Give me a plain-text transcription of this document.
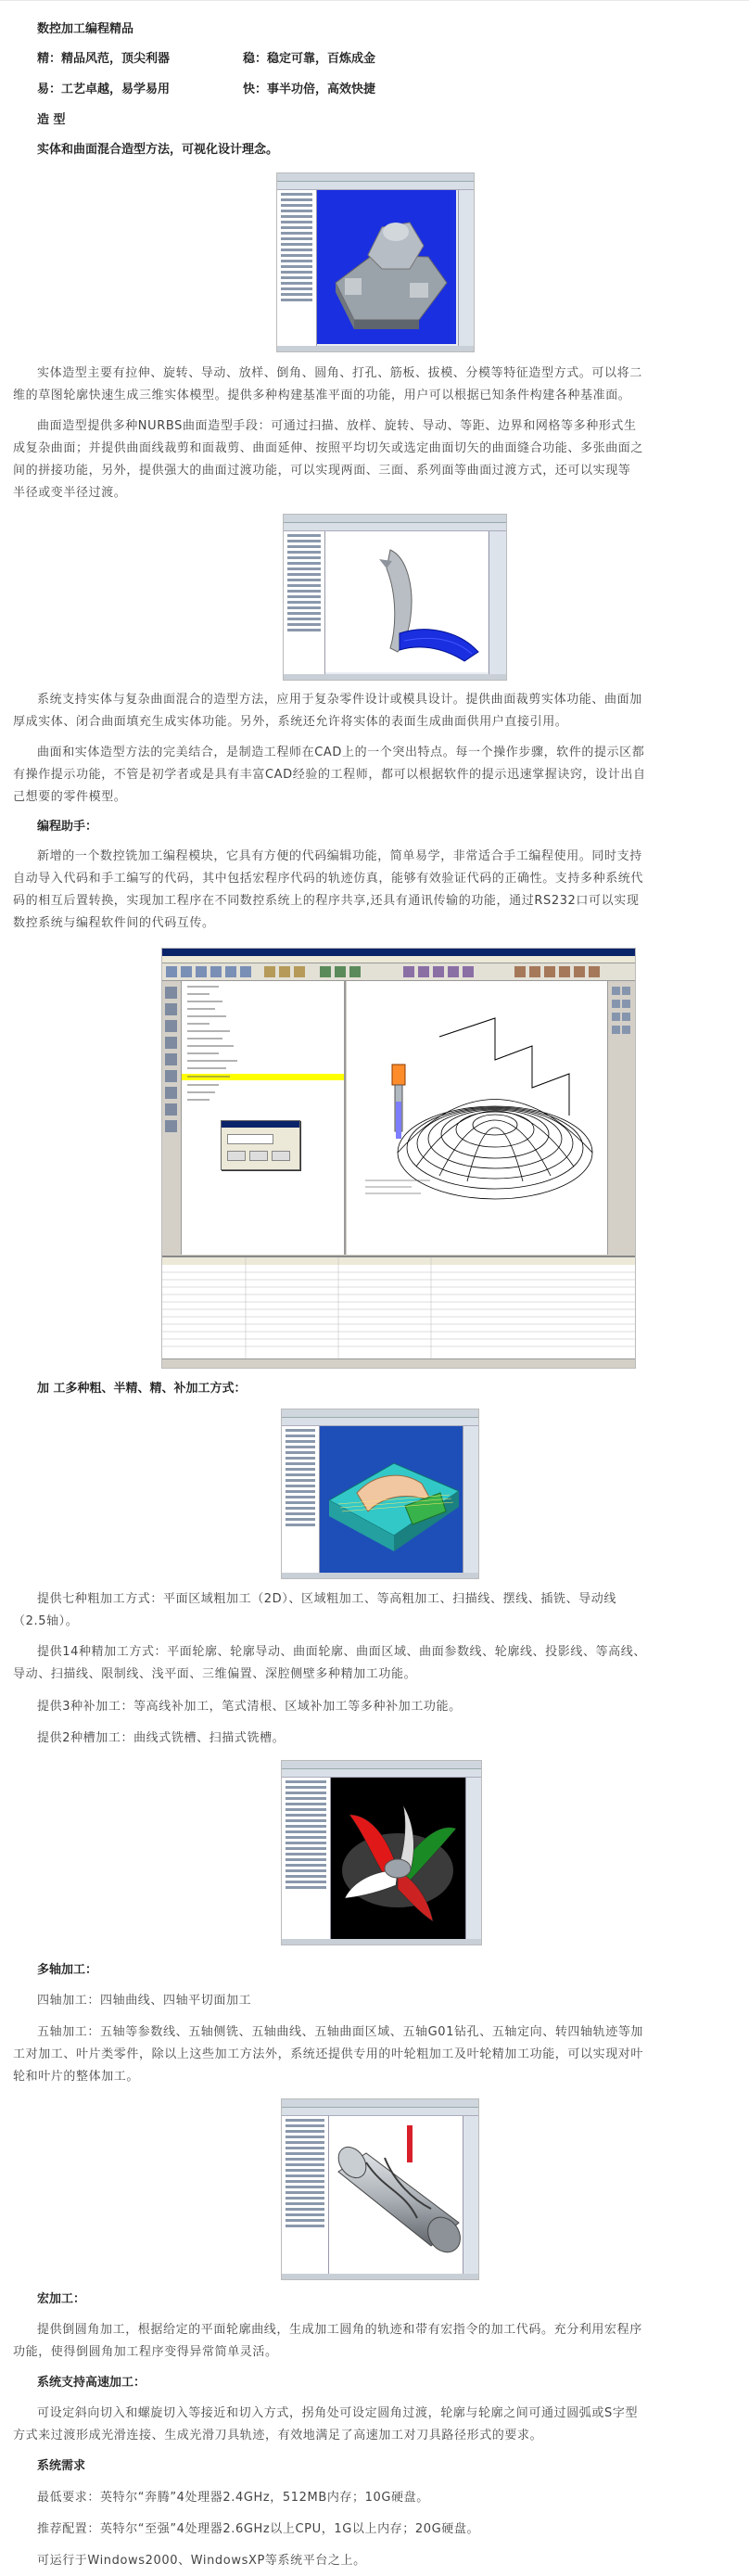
数控加工编程精品
精：精品风范，顶尖利器	稳：稳定可靠，百炼成金
易：工艺卓越，易学易用	快：事半功倍，高效快捷
造 型
实体和曲面混合造型方法，可视化设计理念。
实体造型主要有拉伸、旋转、导动、放样、倒角、圆角、打孔、筋板、拔模、分模等特征造型方式。可以将二
维的草图轮廓快速生成三维实体模型。提供多种构建基准平面的功能，用户可以根据已知条件构建各种基准面。
曲面造型提供多种NURBS曲面造型手段：可通过扫描、放样、旋转、导动、等距、边界和网格等多种形式生
成复杂曲面；并提供曲面线裁剪和面裁剪、曲面延伸、按照平均切矢或选定曲面切矢的曲面缝合功能、多张曲面之
间的拼接功能，另外，提供强大的曲面过渡功能，可以实现两面、三面、系列面等曲面过渡方式，还可以实现等
半径或变半径过渡。
系统支持实体与复杂曲面混合的造型方法，应用于复杂零件设计或模具设计。提供曲面裁剪实体功能、曲面加
厚成实体、闭合曲面填充生成实体功能。另外，系统还允许将实体的表面生成曲面供用户直接引用。
曲面和实体造型方法的完美结合，是制造工程师在CAD上的一个突出特点。每一个操作步骤，软件的提示区都
有操作提示功能，不管是初学者或是具有丰富CAD经验的工程师，都可以根据软件的提示迅速掌握诀窍，设计出自
己想要的零件模型。
编程助手：
新增的一个数控铣加工编程模块，它具有方便的代码编辑功能，简单易学，非常适合手工编程使用。同时支持
自动导入代码和手工编写的代码，其中包括宏程序代码的轨迹仿真，能够有效验证代码的正确性。支持多种系统代
码的相互后置转换，实现加工程序在不同数控系统上的程序共享,还具有通讯传输的功能，通过RS232口可以实现
数控系统与编程软件间的代码互传。
加 工多种粗、半精、精、补加工方式：
提供七种粗加工方式：平面区域粗加工（2D）、区域粗加工、等高粗加工、扫描线、摆线、插铣、导动线
（2.5轴）。
提供14种精加工方式：平面轮廓、轮廓导动、曲面轮廓、曲面区域、曲面参数线、轮廓线、投影线、等高线、
导动、扫描线、限制线、浅平面、三维偏置、深腔侧壁多种精加工功能。
提供3种补加工：等高线补加工，笔式清根、区域补加工等多种补加工功能。
提供2种槽加工：曲线式铣槽、扫描式铣槽。
多轴加工：
四轴加工：四轴曲线、四轴平切面加工
五轴加工：五轴等参数线、五轴侧铣、五轴曲线、五轴曲面区域、五轴G01钻孔、五轴定向、转四轴轨迹等加
工对加工、叶片类零件，除以上这些加工方法外，系统还提供专用的叶轮粗加工及叶轮精加工功能，可以实现对叶
轮和叶片的整体加工。
宏加工：
提供倒圆角加工，根据给定的平面轮廓曲线，生成加工圆角的轨迹和带有宏指令的加工代码。充分利用宏程序
功能，使得倒圆角加工程序变得异常简单灵活。
系统支持高速加工：
可设定斜向切入和螺旋切入等接近和切入方式，拐角处可设定圆角过渡，轮廓与轮廓之间可通过圆弧或S字型
方式来过渡形成光滑连接、生成光滑刀具轨迹，有效地满足了高速加工对刀具路径形式的要求。
系统需求
最低要求：英特尔“奔腾”4处理器2.4GHz，512MB内存；10G硬盘。
推荐配置：英特尔“至强”4处理器2.6GHz以上CPU，1G以上内存；20G硬盘。
可运行于Windows2000、WindowsXP等系统平台之上。
